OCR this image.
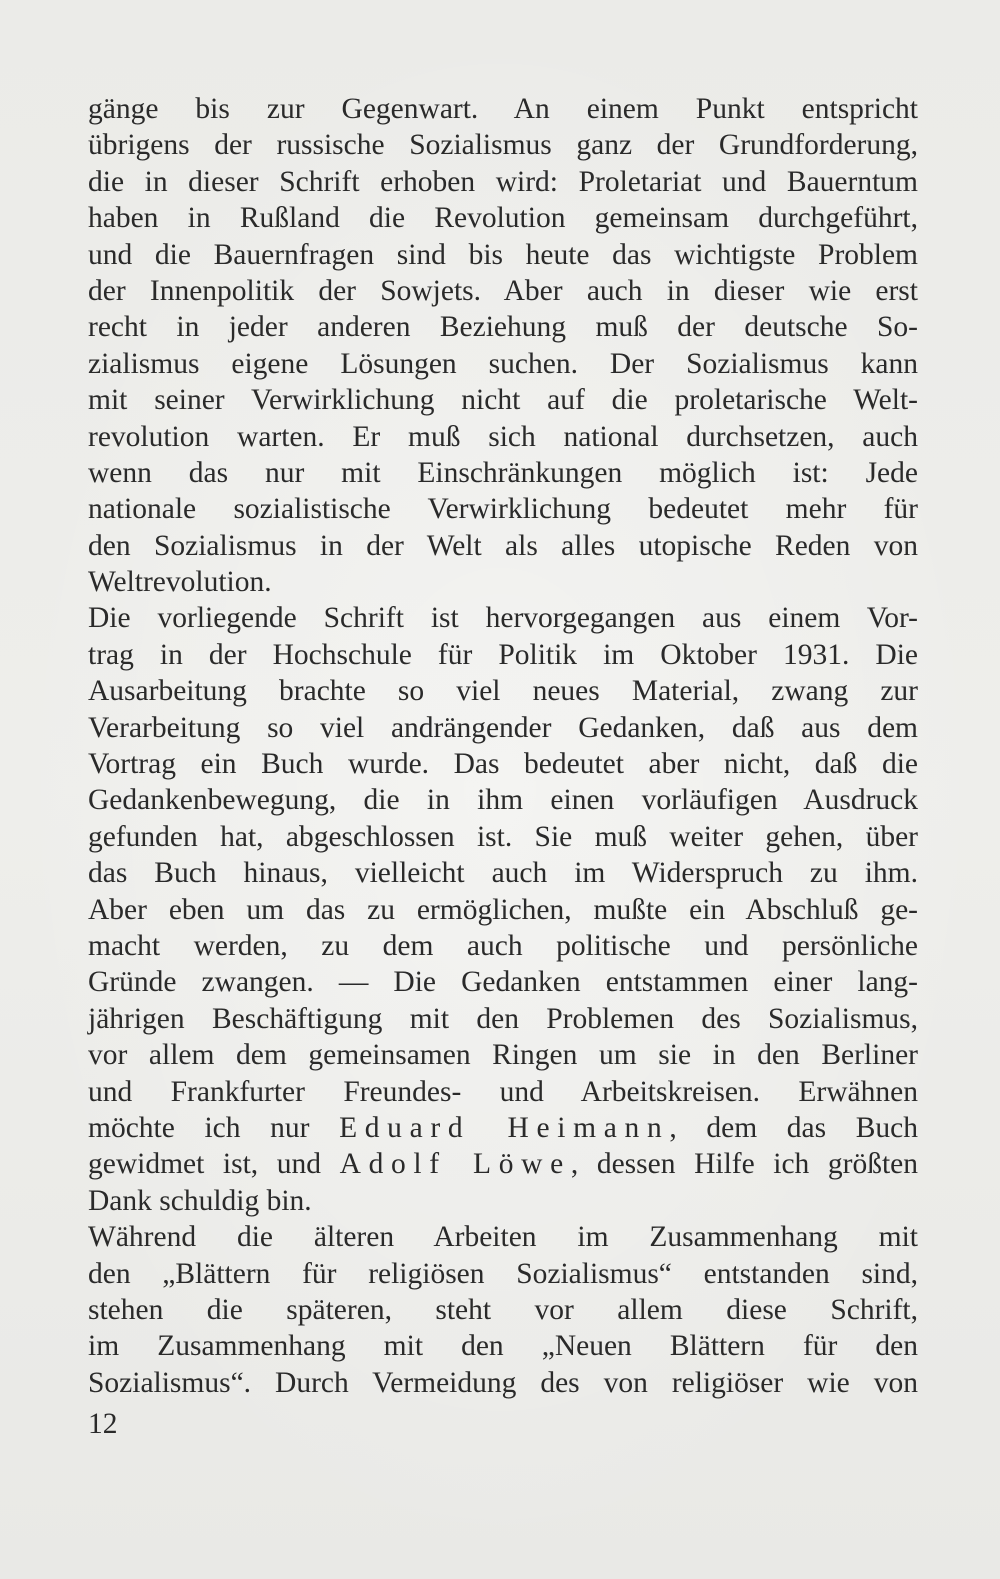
gänge bis zur Gegenwart. An einem Punkt entspricht
übrigens der russische Sozialismus ganz der Grundforderung,
die in dieser Schrift erhoben wird: Proletariat und Bauerntum
haben in Rußland die Revolution gemeinsam durchgeführt,
und die Bauernfragen sind bis heute das wichtigste Problem
der Innenpolitik der Sowjets. Aber auch in dieser wie erst
recht in jeder anderen Beziehung muß der deutsche So-
zialismus eigene Lösungen suchen. Der Sozialismus kann
mit seiner Verwirklichung nicht auf die proletarische Welt-
revolution warten. Er muß sich national durchsetzen, auch
wenn das nur mit Einschränkungen möglich ist: Jede
nationale sozialistische Verwirklichung bedeutet mehr für
den Sozialismus in der Welt als alles utopische Reden von
Weltrevolution.
Die vorliegende Schrift ist hervorgegangen aus einem Vor-
trag in der Hochschule für Politik im Oktober 1931. Die
Ausarbeitung brachte so viel neues Material, zwang zur
Verarbeitung so viel andrängender Gedanken, daß aus dem
Vortrag ein Buch wurde. Das bedeutet aber nicht, daß die
Gedankenbewegung, die in ihm einen vorläufigen Ausdruck
gefunden hat, abgeschlossen ist. Sie muß weiter gehen, über
das Buch hinaus, vielleicht auch im Widerspruch zu ihm.
Aber eben um das zu ermöglichen, mußte ein Abschluß ge-
macht werden, zu dem auch politische und persönliche
Gründe zwangen. — Die Gedanken entstammen einer lang-
jährigen Beschäftigung mit den Problemen des Sozialismus,
vor allem dem gemeinsamen Ringen um sie in den Berliner
und Frankfurter Freundes- und Arbeitskreisen. Erwähnen
möchte ich nur Eduard Heimann, dem das Buch
gewidmet ist, und Adolf Löwe, dessen Hilfe ich größten
Dank schuldig bin.
Während die älteren Arbeiten im Zusammenhang mit
den „Blättern für religiösen Sozialismus“ entstanden sind,
stehen die späteren, steht vor allem diese Schrift,
im Zusammenhang mit den „Neuen Blättern für den
Sozialismus“. Durch Vermeidung des von religiöser wie von
12
